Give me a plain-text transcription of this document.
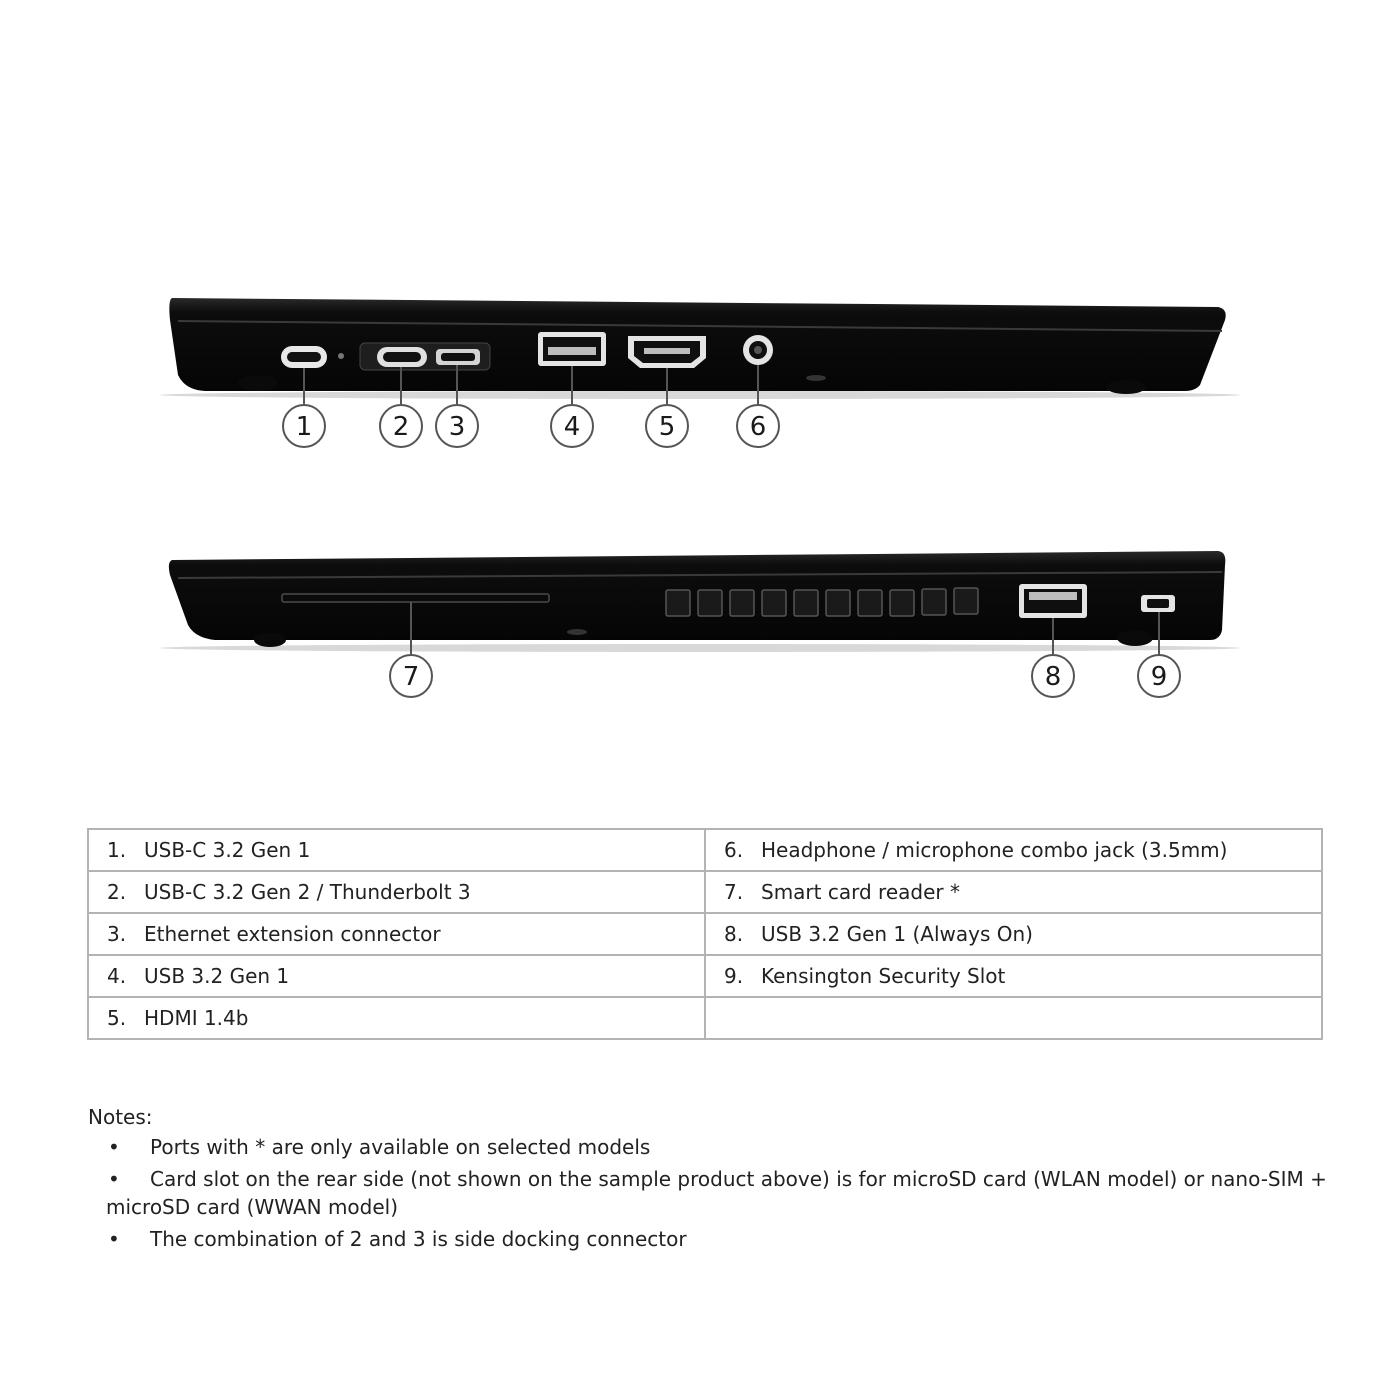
1	2 3	4	5	6
7	8	9
1. USB-C 3.2 Gen 1	6. Headphone / microphone combo jack (3.5mm)
2. USB-C 3.2 Gen 2 / Thunderbolt 3	7. Smart card reader *
3. Ethernet extension connector	8. USB 3.2 Gen 1 (Always On)
4. USB 3.2 Gen 1	9. Kensington Security Slot
5. HDMI 1.4b	
Notes:
• Ports with * are only available on selected models
• Card slot on the rear side (not shown on the sample product above) is for microSD card (WLAN model) or nano-SIM + microSD card (WWAN model)
• The combination of 2 and 3 is side docking connector
